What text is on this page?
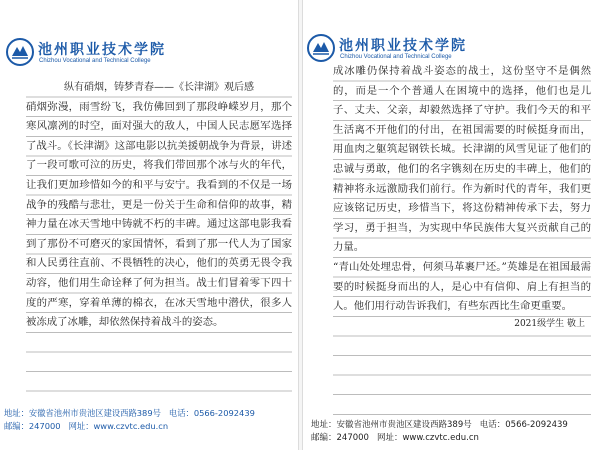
池州职业技术学院
Chizhou Vocational and Technical College

纵有硝烟，铸梦青春——《长津湖》观后感

硝烟弥漫，雨雪纷飞，我仿佛回到了那段峥嵘岁月，那个寒风凛冽的时空，面对强大的敌人，中国人民志愿军选择了战斗。《长津湖》这部电影以抗美援朝战争为背景，讲述了一段可歌可泣的历史，将我们带回那个冰与火的年代，让我们更加珍惜如今的和平与安宁。我看到的不仅是一场战争的残酷与悲壮，更是一份关于生命和信仰的故事，精神力量在冰天雪地中铸就不朽的丰碑。通过这部电影我看到了那份不可磨灭的家国情怀，看到了那一代人为了国家和人民勇往直前、不畏牺牲的决心，他们的英勇无畏令我动容，他们用生命诠释了何为担当。战士们冒着零下四十度的严寒，穿着单薄的棉衣，在冰天雪地中潜伏，很多人被冻成了冰雕，却依然保持着战斗的姿态。

地址：安徽省池州市贵池区建设西路389号 电话：0566-2092439
邮编：247000 网址：www.czvtc.edu.cn
池州职业技术学院
Chizhou Vocational and Technical College

成冰雕仍保持着战斗姿态的战士，这份坚守不是偶然的，而是一个个普通人在困境中的选择，他们也是儿子、丈夫、父亲，却毅然选择了守护。我们今天的和平生活离不开他们的付出，在祖国需要的时候挺身而出，用血肉之躯筑起钢铁长城。长津湖的风雪见证了他们的忠诚与勇敢，他们的名字镌刻在历史的丰碑上，他们的精神将永远激励我们前行。作为新时代的青年，我们更应该铭记历史，珍惜当下，将这份精神传承下去，努力学习，勇于担当，为实现中华民族伟大复兴贡献自己的力量。

“青山处处埋忠骨，何须马革裹尸还。”英雄是在祖国最需要的时候挺身而出的人，是心中有信仰、肩上有担当的人。他们用行动告诉我们，有些东西比生命更重要。

2021级学生 敬上

地址：安徽省池州市贵池区建设西路389号 电话：0566-2092439
邮编：247000 网址：www.czvtc.edu.cn
